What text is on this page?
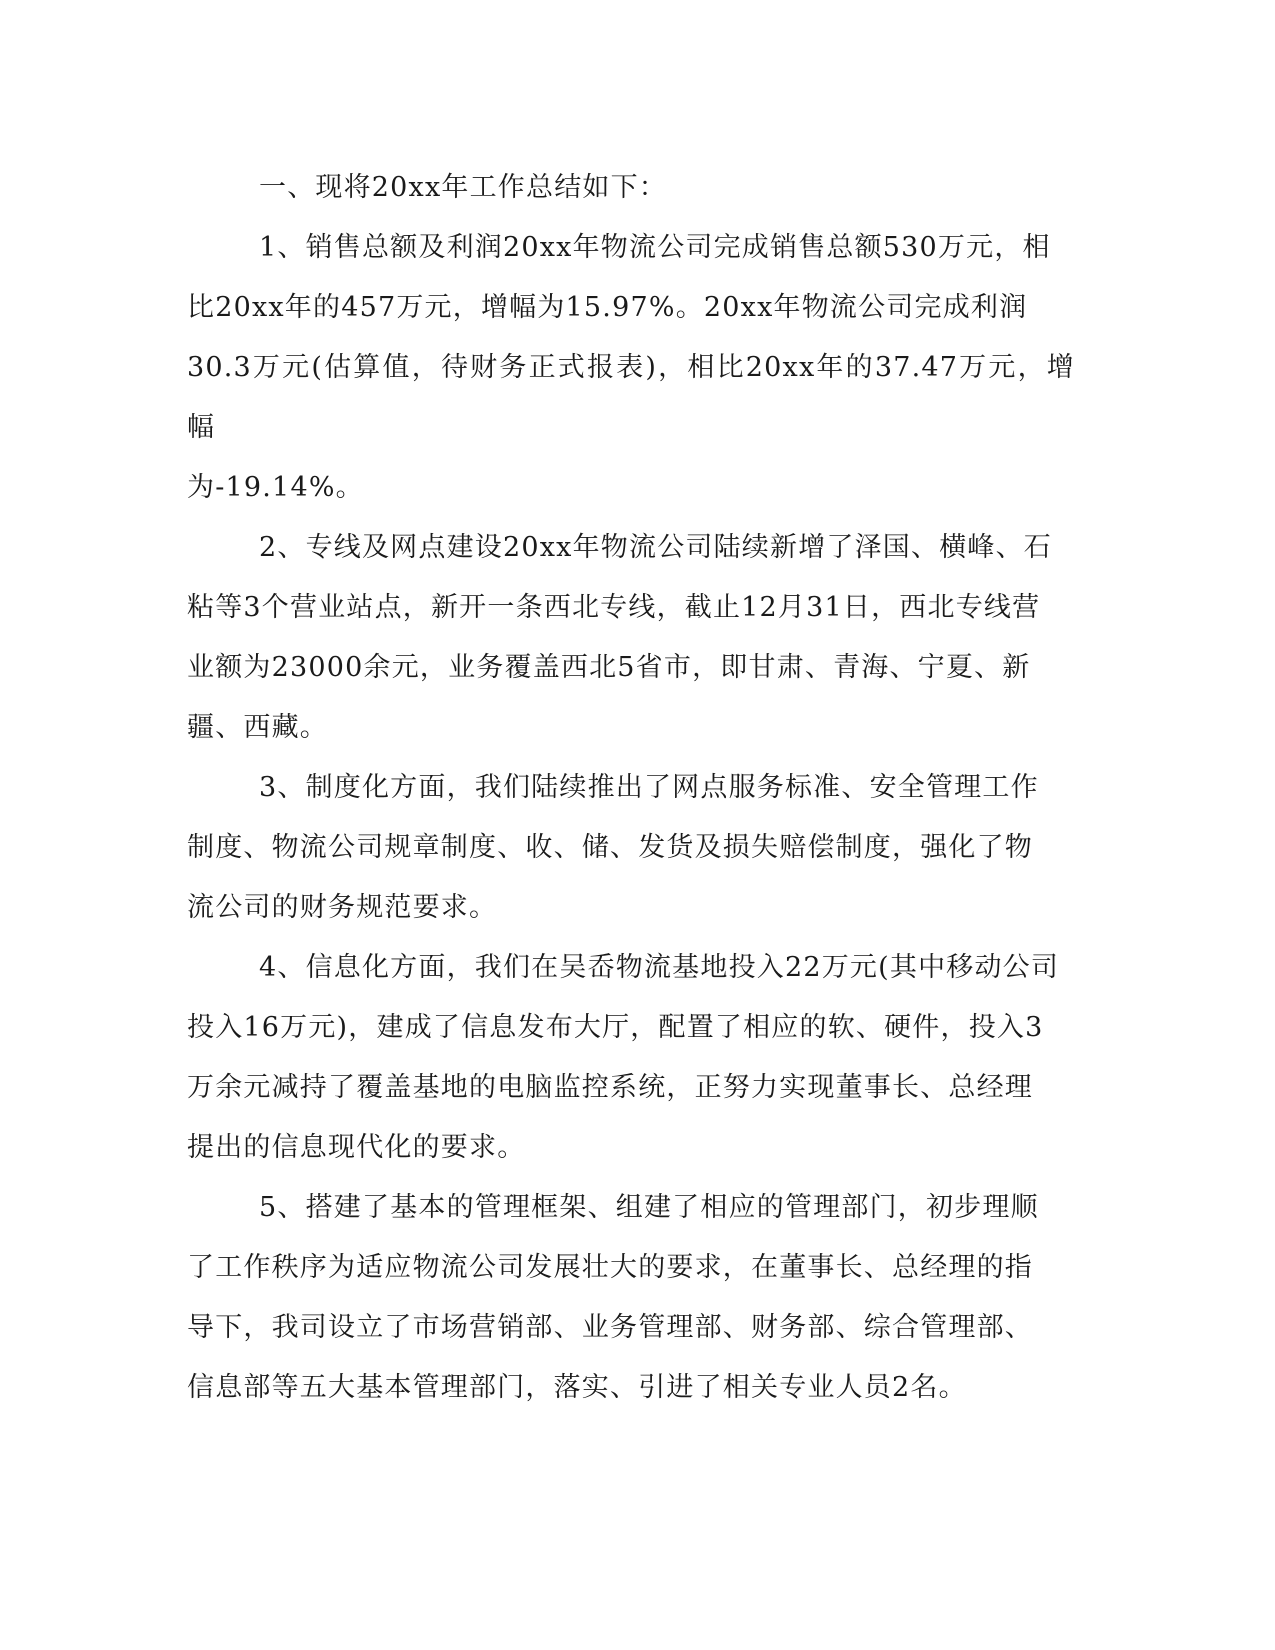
一、现将20xx年工作总结如下：

1、销售总额及利润20xx年物流公司完成销售总额530万元，相
比20xx年的457万元，增幅为15.97%。20xx年物流公司完成利润
30.3万元(估算值，待财务正式报表)，相比20xx年的37.47万元，增幅
为-19.14%。

2、专线及网点建设20xx年物流公司陆续新增了泽国、横峰、石
粘等3个营业站点，新开一条西北专线，截止12月31日，西北专线营
业额为23000余元，业务覆盖西北5省市，即甘肃、青海、宁夏、新
疆、西藏。

3、制度化方面，我们陆续推出了网点服务标准、安全管理工作
制度、物流公司规章制度、收、储、发货及损失赔偿制度，强化了物
流公司的财务规范要求。

4、信息化方面，我们在吴岙物流基地投入22万元(其中移动公司
投入16万元)，建成了信息发布大厅，配置了相应的软、硬件，投入3
万余元减持了覆盖基地的电脑监控系统，正努力实现董事长、总经理
提出的信息现代化的要求。

5、搭建了基本的管理框架、组建了相应的管理部门，初步理顺
了工作秩序为适应物流公司发展壮大的要求，在董事长、总经理的指
导下，我司设立了市场营销部、业务管理部、财务部、综合管理部、
信息部等五大基本管理部门，落实、引进了相关专业人员2名。
